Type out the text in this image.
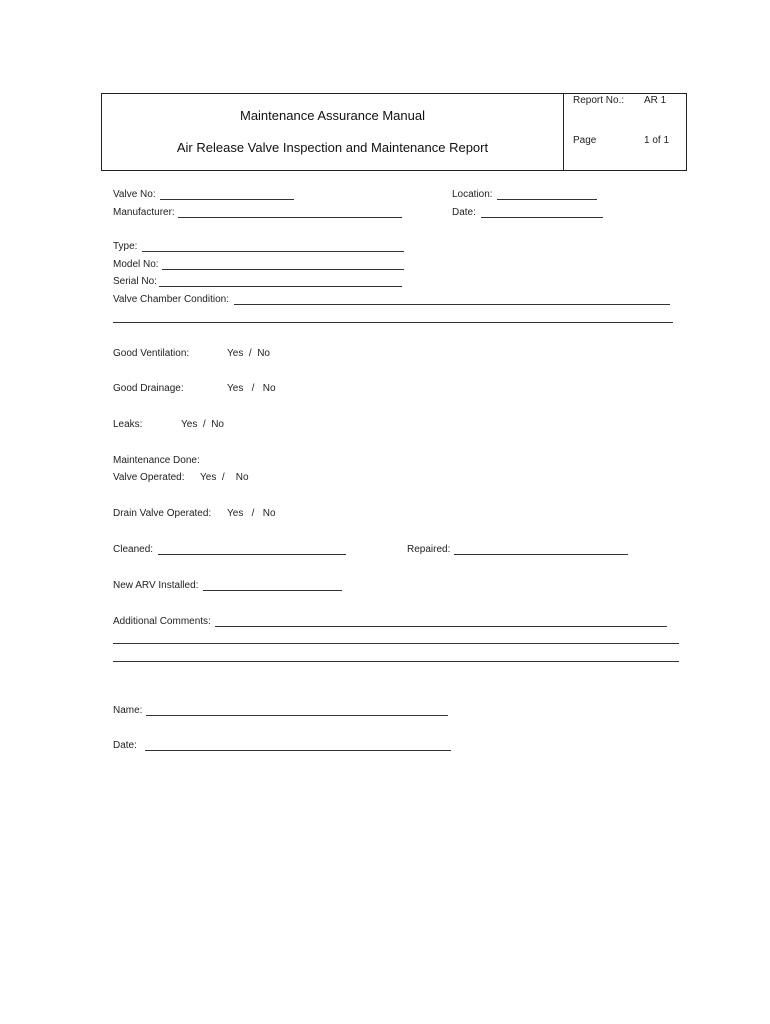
Maintenance Assurance Manual
Air Release Valve Inspection and Maintenance Report
Report No.: AR 1
Page	1 of 1
Valve No:	Location:
Manufacturer:	Date:
Type:
Model No:
Serial No:
Valve Chamber Condition:
Good Ventilation:	Yes  /  No
Good Drainage:	Yes   /   No
Leaks:	Yes  /  No
Maintenance Done:
Valve Operated: Yes  /    No
Drain Valve Operated: Yes   /   No
Cleaned:	Repaired:
New ARV Installed:
Additional Comments:
Name:
Date:
